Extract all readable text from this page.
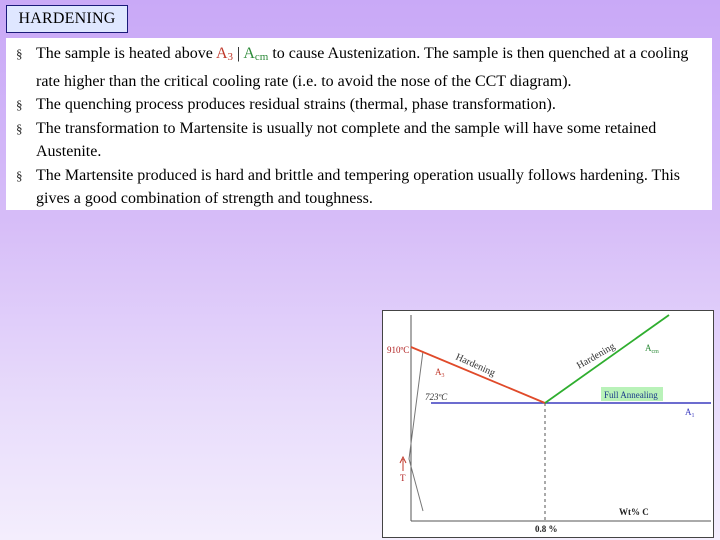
HARDENING
§ The sample is heated above $A_3$ | $A_{cm}$ to cause Austenization. The sample is then quenched at a cooling rate higher than the critical cooling rate (i.e. to avoid the nose of the CCT diagram).
§ The quenching process produces residual strains (thermal, phase transformation).
§ The transformation to Martensite is usually not complete and the sample will have some retained Austenite.
§ The Martensite produced is hard and brittle and tempering operation usually follows hardening. This gives a good combination of strength and toughness.
Full Annealing
910ºC
723ºC
$A_3$
$A_{cm}$
$A_1$
Hardening	Hardening
T
Wt% C
0.8 %
